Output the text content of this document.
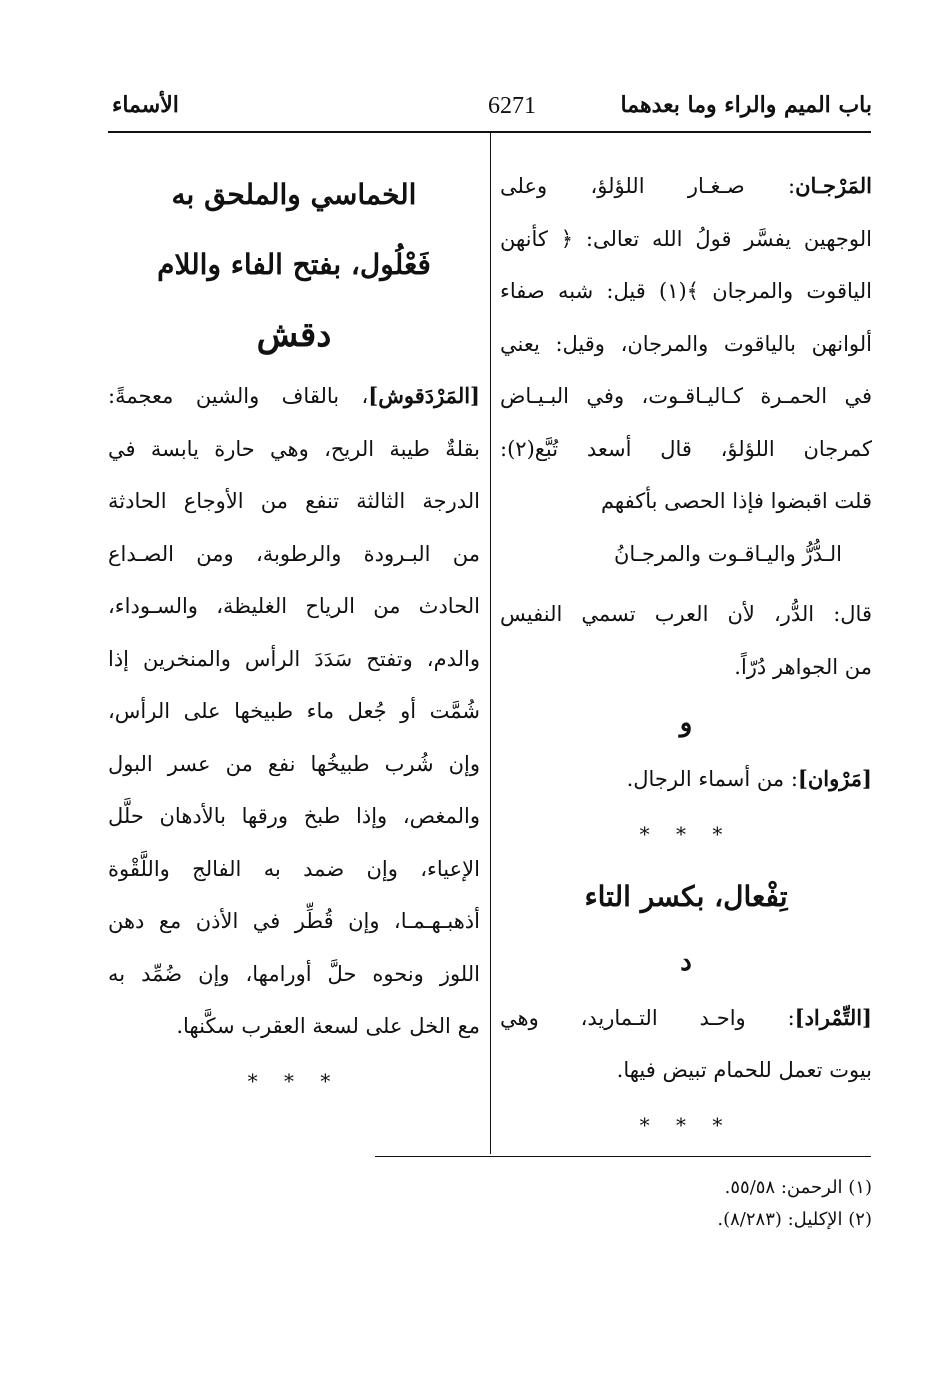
باب الميم والراء وما بعدهما
6271
الأسماء
المَرْجـان: صـغـار اللؤلؤ، وعلى
الوجهين يفسَّر قولُ الله تعالى: ﴿ كأنهن
الياقوت والمرجان ﴾(١) قيل: شبه صفاء
ألوانهن بالياقوت والمرجان، وقيل: يعني
في الحمـرة كـاليـاقـوت، وفي البـيـاض
كمرجان اللؤلؤ، قال أسعد تُبَّع(٢):
قلت اقبضوا فإذا الحصى بأكفهم
الـدُّرُّ واليـاقـوت والمرجـانُ
قال: الدُّر، لأن العرب تسمي النفيس
من الجواهر دُرّاً.
و
[مَرْوان]: من أسماء الرجال.
* * *
تِفْعال، بكسر التاء
د
[التِّمْراد]: واحـد التـماريد، وهي
بيوت تعمل للحمام تبيض فيها.
* * *
الخماسي والملحق به
فَعْلُول، بفتح الفاء واللام
دقش
[المَرْدَقوش]، بالقاف والشين معجمةً:
بقلةٌ طيبة الريح، وهي حارة يابسة في
الدرجة الثالثة تنفع من الأوجاع الحادثة
من البـرودة والرطوبة، ومن الصـداع
الحادث من الرياح الغليظة، والسـوداء،
والدم، وتفتح سَدَدَ الرأس والمنخرين إذا
شُمَّت أو جُعل ماء طبيخها على الرأس،
وإن شُرب طبيخُها نفع من عسر البول
والمغص، وإذا طبخ ورقها بالأدهان حلَّل
الإعياء، وإن ضمد به الفالج واللَّقْوة
أذهبـهـمـا، وإن قُطِّر في الأذن مع دهن
اللوز ونحوه حلَّ أورامها، وإن ضُمِّد به
مع الخل على لسعة العقرب سكَّنها.
* * *
(١) الرحمن: ٥٥/٥٨.
(٢) الإكليل: (٨/٢٨٣).
